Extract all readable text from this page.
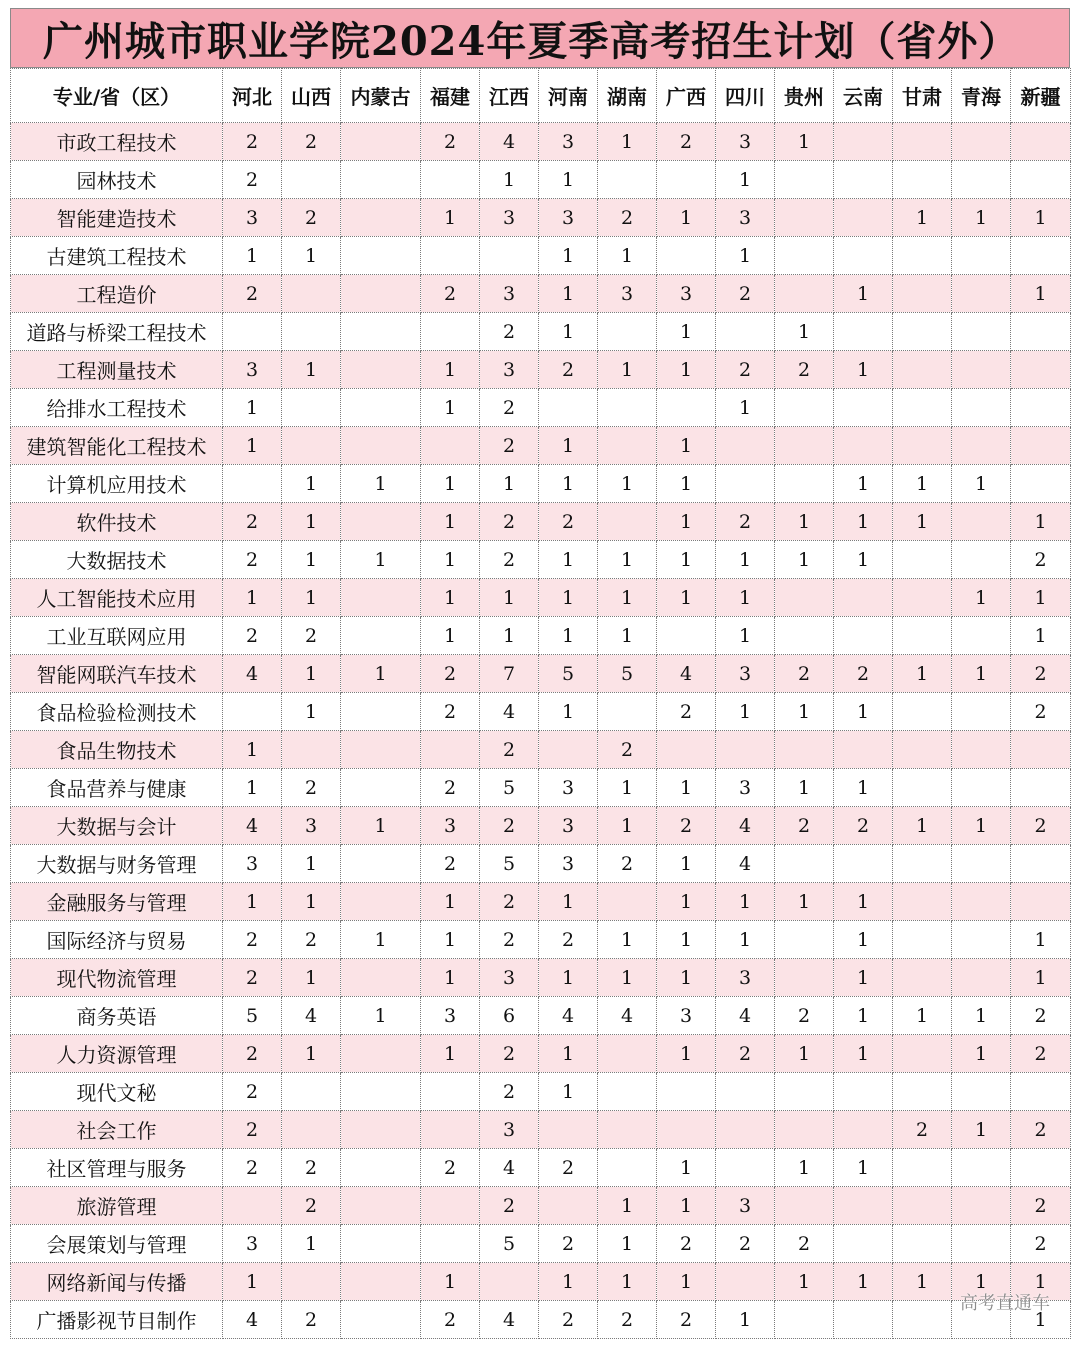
广州城市职业学院2024年夏季高考招生计划（省外）
专业/省（区）	河北	山西	内蒙古	福建	江西	河南	湖南	广西	四川	贵州	云南	甘肃	青海	新疆
市政工程技术	2	2		2	4	3	1	2	3	1				
园林技术	2				1	1			1					
智能建造技术	3	2		1	3	3	2	1	3			1	1	1
古建筑工程技术	1	1				1	1		1					
工程造价	2			2	3	1	3	3	2		1			1
道路与桥梁工程技术					2	1		1		1				
工程测量技术	3	1		1	3	2	1	1	2	2	1			
给排水工程技术	1			1	2				1					
建筑智能化工程技术	1				2	1		1						
计算机应用技术		1	1	1	1	1	1	1			1	1	1	
软件技术	2	1		1	2	2		1	2	1	1	1		1
大数据技术	2	1	1	1	2	1	1	1	1	1	1			2
人工智能技术应用	1	1		1	1	1	1	1	1				1	1
工业互联网应用	2	2		1	1	1	1		1					1
智能网联汽车技术	4	1	1	2	7	5	5	4	3	2	2	1	1	2
食品检验检测技术		1		2	4	1		2	1	1	1			2
食品生物技术	1				2		2							
食品营养与健康	1	2		2	5	3	1	1	3	1	1			
大数据与会计	4	3	1	3	2	3	1	2	4	2	2	1	1	2
大数据与财务管理	3	1		2	5	3	2	1	4					
金融服务与管理	1	1		1	2	1		1	1	1	1			
国际经济与贸易	2	2	1	1	2	2	1	1	1		1			1
现代物流管理	2	1		1	3	1	1	1	3		1			1
商务英语	5	4	1	3	6	4	4	3	4	2	1	1	1	2
人力资源管理	2	1		1	2	1		1	2	1	1		1	2
现代文秘	2				2	1								
社会工作	2				3							2	1	2
社区管理与服务	2	2		2	4	2		1		1	1			
旅游管理		2			2		1	1	3					2
会展策划与管理	3	1			5	2	1	2	2	2				2
网络新闻与传播	1			1		1	1	1		1	1	1	1	1
广播影视节目制作	4	2		2	4	2	2	2	1					1
高考直通车
